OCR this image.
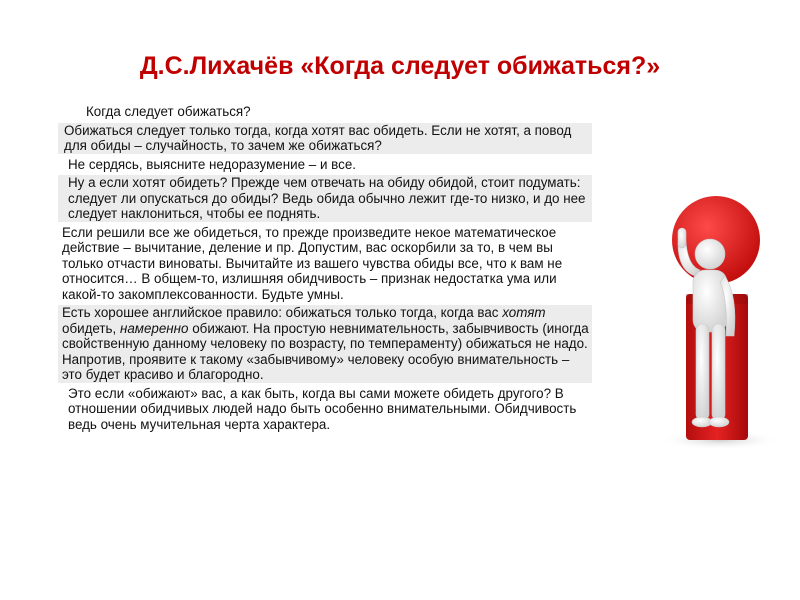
Д.С.Лихачёв «Когда следует обижаться?»

Когда следует обижаться?

Обижаться следует только тогда, когда хотят вас обидеть. Если не хотят, а повод для обиды – случайность, то зачем же обижаться?

Не сердясь, выясните недоразумение – и все.

Ну а если хотят обидеть? Прежде чем отвечать на обиду обидой, стоит подумать: следует ли опускаться до обиды? Ведь обида обычно лежит где-то низко, и до нее следует наклониться, чтобы ее поднять.

Если решили все же обидеться, то прежде произведите некое математическое действие – вычитание, деление и пр. Допустим, вас оскорбили за то, в чем вы только отчасти виноваты. Вычитайте из вашего чувства обиды все, что к вам не относится… В общем-то, излишняя обидчивость – признак недостатка ума или какой-то закомплексованности. Будьте умны.

Есть хорошее английское правило: обижаться только тогда, когда вас хотят обидеть, намеренно обижают. На простую невнимательность, забывчивость (иногда свойственную данному человеку по возрасту, по темпераменту) обижаться не надо. Напротив, проявите к такому «забывчивому» человеку особую внимательность – это будет красиво и благородно.

Это если «обижают» вас, а как быть, когда вы сами можете обидеть другого? В отношении обидчивых людей надо быть особенно внимательными. Обидчивость ведь очень мучительная черта характера.
